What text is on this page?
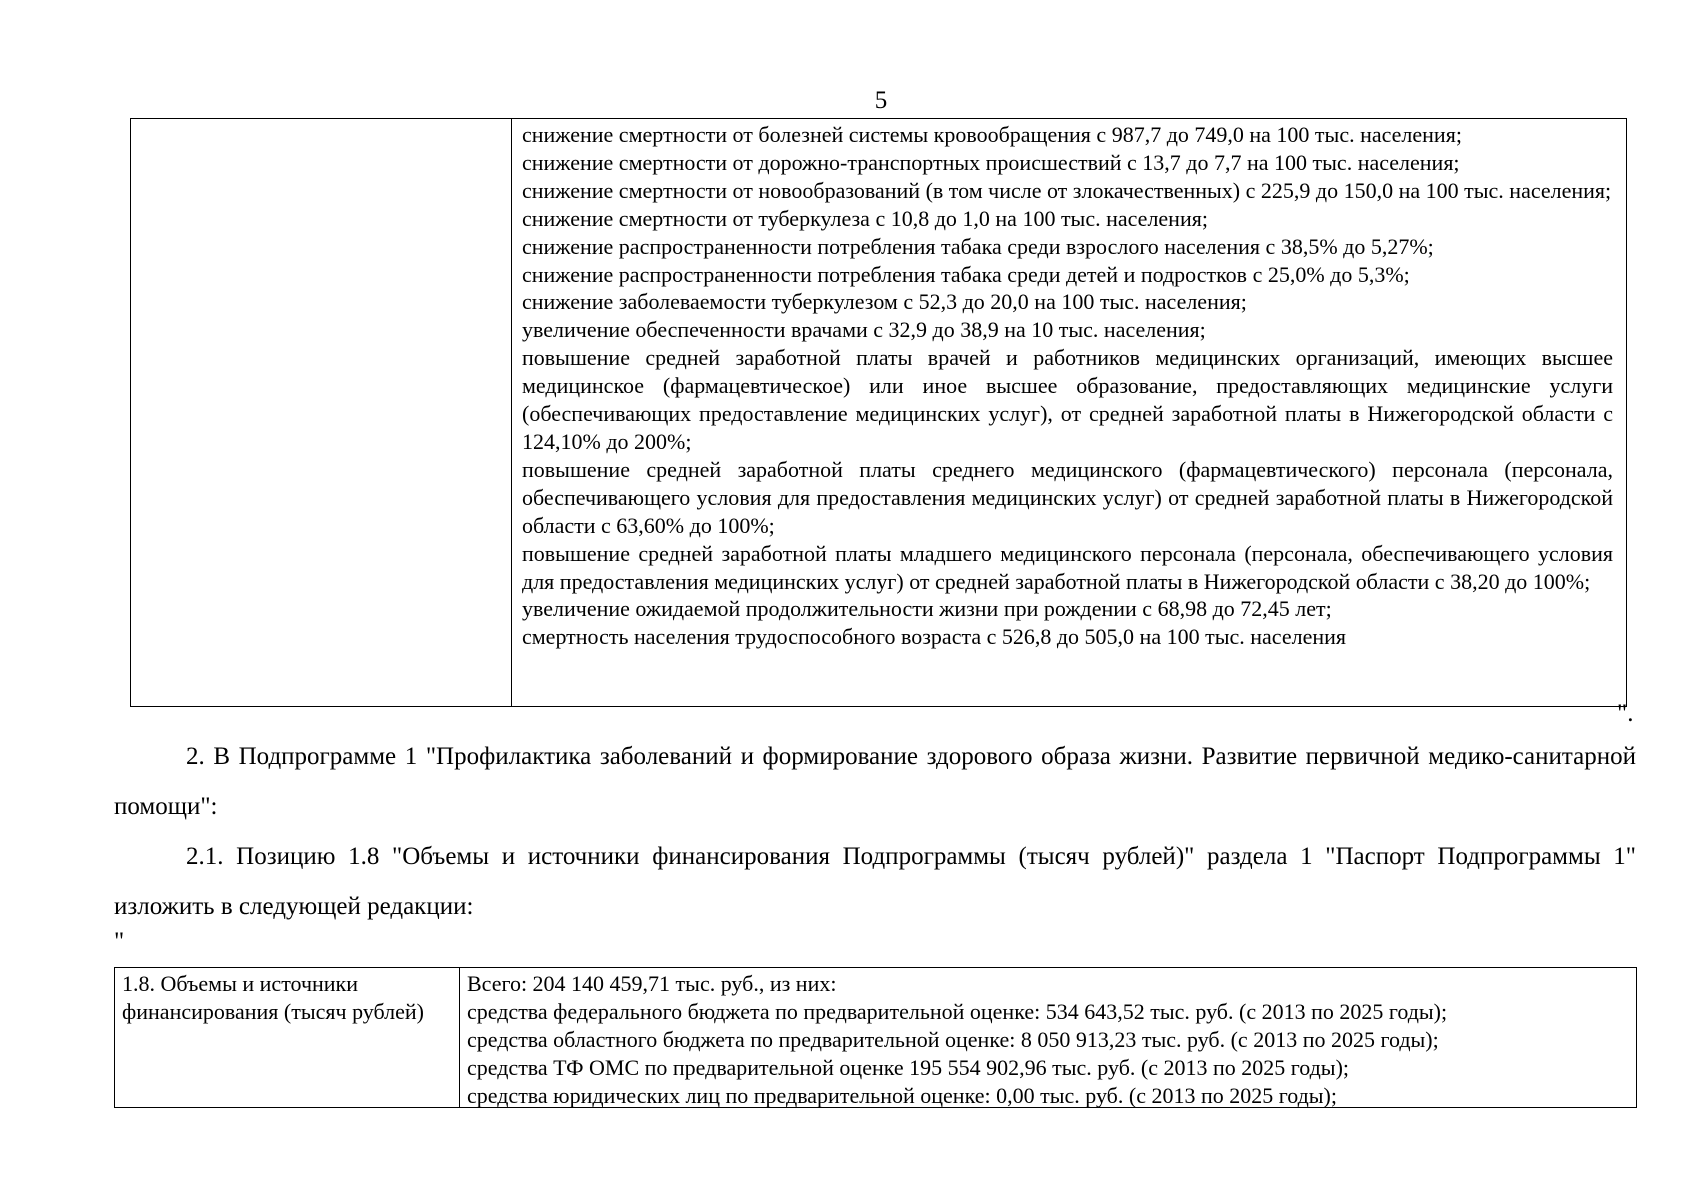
5

снижение смертности от болезней системы кровообращения с 987,7 до 749,0 на 100 тыс. населения;

снижение смертности от дорожно-транспортных происшествий с 13,7 до 7,7 на 100 тыс. населения;

снижение смертности от новообразований (в том числе от злокачественных) с 225,9 до 150,0 на 100 тыс. населения;

снижение смертности от туберкулеза с 10,8 до 1,0 на 100 тыс. населения;

снижение распространенности потребления табака среди взрослого населения с 38,5% до 5,27%;

снижение распространенности потребления табака среди детей и подростков с 25,0% до 5,3%;

снижение заболеваемости туберкулезом с 52,3 до 20,0 на 100 тыс. населения;

увеличение обеспеченности врачами с 32,9 до 38,9 на 10 тыс. населения;

повышение средней заработной платы врачей и работников медицинских организаций, имеющих высшее медицинское (фармацевтическое) или иное высшее образование, предоставляющих медицинские услуги (обеспечивающих предоставление медицинских услуг), от средней заработной платы в Нижегородской области с 124,10% до 200%;

повышение средней заработной платы среднего медицинского (фармацевтического) персонала (персонала, обеспечивающего условия для предоставления медицинских услуг) от средней заработной платы в Нижегородской области с 63,60% до 100%;

повышение средней заработной платы младшего медицинского персонала (персонала, обеспечивающего условия для предоставления медицинских услуг) от средней заработной платы в Нижегородской области с 38,20 до 100%;

увеличение ожидаемой продолжительности жизни при рождении с 68,98 до 72,45 лет;

смертность населения трудоспособного возраста с 526,8 до 505,0 на 100 тыс. населения

".

2. В Подпрограмме 1 "Профилактика заболеваний и формирование здорового образа жизни. Развитие первичной медико-санитарной помощи":

2.1. Позицию 1.8 "Объемы и источники финансирования Подпрограммы (тысяч рублей)" раздела 1 "Паспорт Подпрограммы 1" изложить в следующей редакции:

"
1.8. Объемы и источники финансирования (тысяч рублей)

Всего: 204 140 459,71 тыс. руб., из них:

средства федерального бюджета по предварительной оценке: 534 643,52 тыс. руб. (с 2013 по 2025 годы);

средства областного бюджета по предварительной оценке: 8 050 913,23 тыс. руб. (с 2013 по 2025 годы);

средства ТФ ОМС по предварительной оценке 195 554 902,96 тыс. руб. (с 2013 по 2025 годы);

средства юридических лиц по предварительной оценке: 0,00 тыс. руб. (с 2013 по 2025 годы);
